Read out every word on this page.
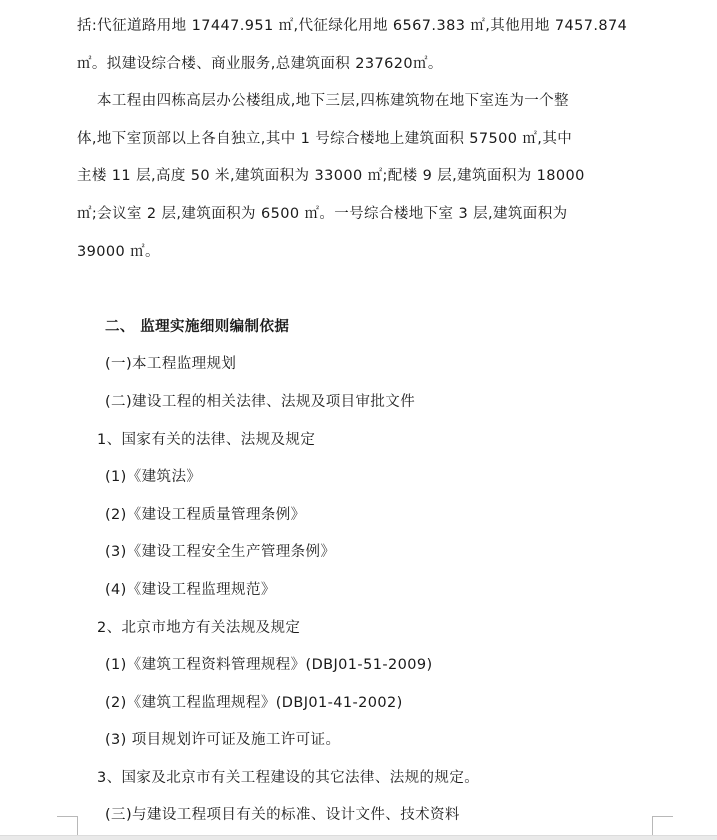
括:代征道路用地 17447.951 ㎡,代征绿化用地 6567.383 ㎡,其他用地 7457.874
㎡。拟建设综合楼、商业服务,总建筑面积 237620㎡。
本工程由四栋高层办公楼组成,地下三层,四栋建筑物在地下室连为一个整
体,地下室顶部以上各自独立,其中 1 号综合楼地上建筑面积 57500 ㎡,其中
主楼 11 层,高度 50 米,建筑面积为 33000 ㎡;配楼 9 层,建筑面积为 18000
㎡;会议室 2 层,建筑面积为 6500 ㎡。一号综合楼地下室 3 层,建筑面积为
39000 ㎡。
二、 监理实施细则编制依据
(一)本工程监理规划
(二)建设工程的相关法律、法规及项目审批文件
1、国家有关的法律、法规及规定
(1)《建筑法》
(2)《建设工程质量管理条例》
(3)《建设工程安全生产管理条例》
(4)《建设工程监理规范》
2、北京市地方有关法规及规定
(1)《建筑工程资料管理规程》(DBJ01-51-2009)
(2)《建筑工程监理规程》(DBJ01-41-2002)
(3) 项目规划许可证及施工许可证。
3、国家及北京市有关工程建设的其它法律、法规的规定。
(三)与建设工程项目有关的标准、设计文件、技术资料
